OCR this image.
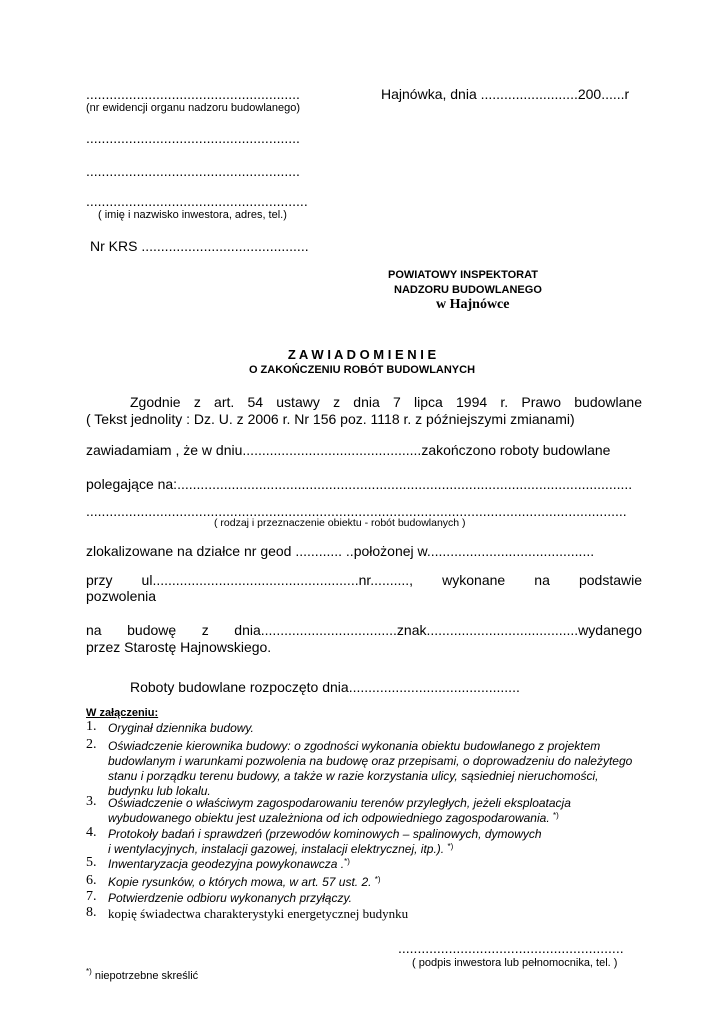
.......................................................
(nr ewidencji organu nadzoru budowlanego)
Hajnówka, dnia .........................200......r
.......................................................
.......................................................
.........................................................
( imię i nazwisko inwestora, adres, tel.)
Nr KRS ...........................................
POWIATOWY INSPEKTORAT
NADZORU BUDOWLANEGO
w Hajnówce
Z A W I A D O M I E N I E
O ZAKOŃCZENIU ROBÓT BUDOWLANYCH
Zgodnie z art. 54 ustawy z dnia 7 lipca 1994 r. Prawo budowlane
( Tekst jednolity : Dz. U. z 2006 r. Nr 156 poz. 1118 r. z późniejszymi zmianami)
zawiadamiam , że w dniu..............................................zakończono roboty budowlane
polegające na:.....................................................................................................................
...........................................................................................................................................
( rodzaj i przeznaczenie obiektu - robót budowlanych )
zlokalizowane na działce nr geod ............ ..położonej w...........................................
przy ul.....................................................nr.........., wykonane na podstawie
pozwolenia
na budowę z dnia...................................znak.......................................wydanego
przez Starostę Hajnowskiego.
Roboty budowlane rozpoczęto dnia............................................
W załączeniu:
1. Oryginał dziennika budowy.
2. Oświadczenie kierownika budowy: o zgodności wykonania obiektu budowlanego z projektem
budowlanym i warunkami pozwolenia na budowę oraz przepisami, o doprowadzeniu do należytego
stanu i porządku terenu budowy, a także w razie korzystania ulicy, sąsiedniej nieruchomości,
budynku lub lokalu.
3. Oświadczenie o właściwym zagospodarowaniu terenów przyległych, jeżeli eksploatacja
wybudowanego obiektu jest uzależniona od ich odpowiedniego zagospodarowania. *)
4. Protokoły badań i sprawdzeń (przewodów kominowych – spalinowych, dymowych
i wentylacyjnych, instalacji gazowej, instalacji elektrycznej, itp.). *)
5. Inwentaryzacja geodezyjna powykonawcza .*)
6. Kopie rysunków, o których mowa, w art. 57 ust. 2. *)
7. Potwierdzenie odbioru wykonanych przyłączy.
8. kopię świadectwa charakterystyki energetycznej budynku
..........................................................
( podpis inwestora lub pełnomocnika, tel. )
*) niepotrzebne skreślić
